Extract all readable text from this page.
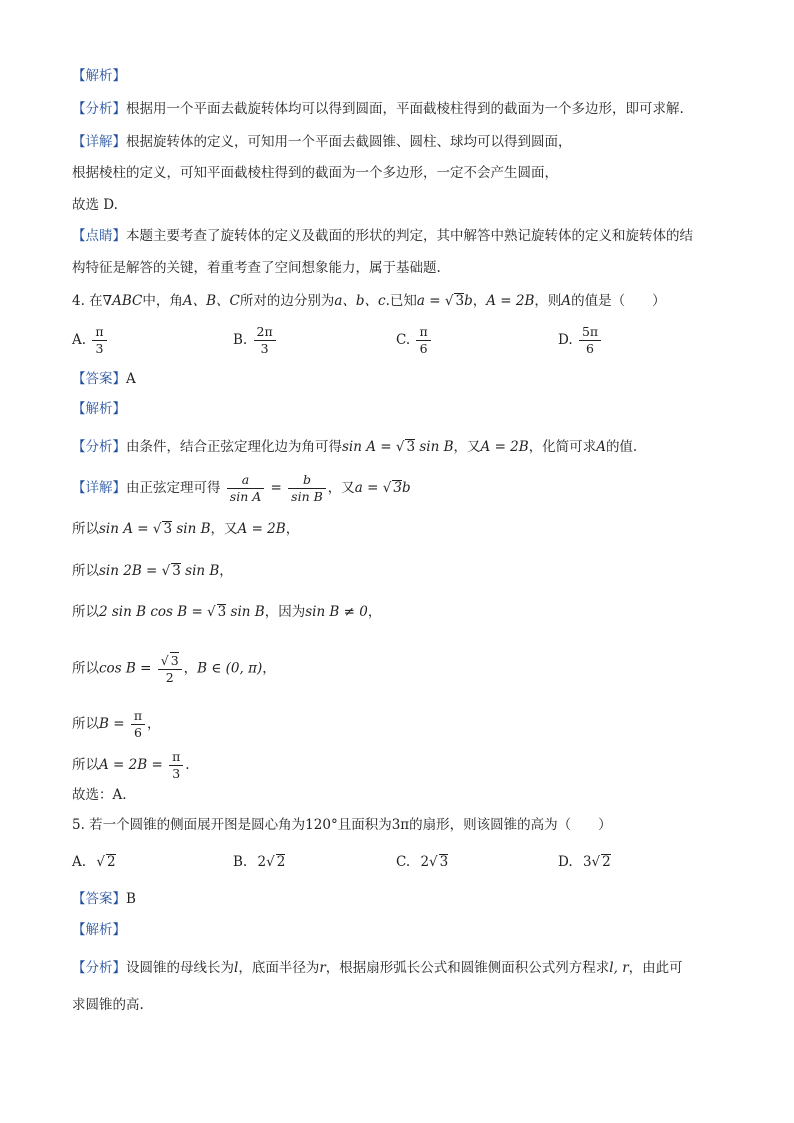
【解析】
【分析】根据用一个平面去截旋转体均可以得到圆面，平面截棱柱得到的截面为一个多边形，即可求解.
【详解】根据旋转体的定义，可知用一个平面去截圆锥、圆柱、球均可以得到圆面，
根据棱柱的定义，可知平面截棱柱得到的截面为一个多边形，一定不会产生圆面，
故选 D.
【点睛】本题主要考查了旋转体的定义及截面的形状的判定，其中解答中熟记旋转体的定义和旋转体的结
构特征是解答的关键，着重考查了空间想象能力，属于基础题.
4. 在∇ABC中，角A、B、C所对的边分别为a、b、c.已知a = √ 3b，A = 2B，则A的值是（　　）
A. $\frac{\pi}{3}$	B. $\frac{2\pi}{3}$	C. $\frac{\pi}{6}$	D. $\frac{5\pi}{6}$
【答案】A
【解析】
【分析】由条件，结合正弦定理化边为角可得sin A = √ 3 sin B，又A = 2B，化简可求A的值.
【详解】由正弦定理可得 $\frac{a}{\text{sin A}} = \frac{b}{\text{sin B}}$ ，又a = √ 3b
所以sin A = √ 3 sin B，又A = 2B，
所以sin 2B = √ 3 sin B，
所以2 sin B cos B = √ 3 sin B，因为sin B ≠ 0，
所以$\cos B = \frac{√ 3}{2}$ ，B ∈ (0, π)，
所以$B = \frac{\pi}{6}$ ，
所以$A = 2B = \frac{\pi}{3}$ .
故选：A.
5. 若一个圆锥的侧面展开图是圆心角为120°且面积为3π的扇形，则该圆锥的高为（　　）
A. √ 2	B. 2√ 2	C. 2√ 3	D. 3√ 2
【答案】B
【解析】
【分析】设圆锥的母线长为l，底面半径为r，根据扇形弧长公式和圆锥侧面积公式列方程求l, r，由此可
求圆锥的高.
